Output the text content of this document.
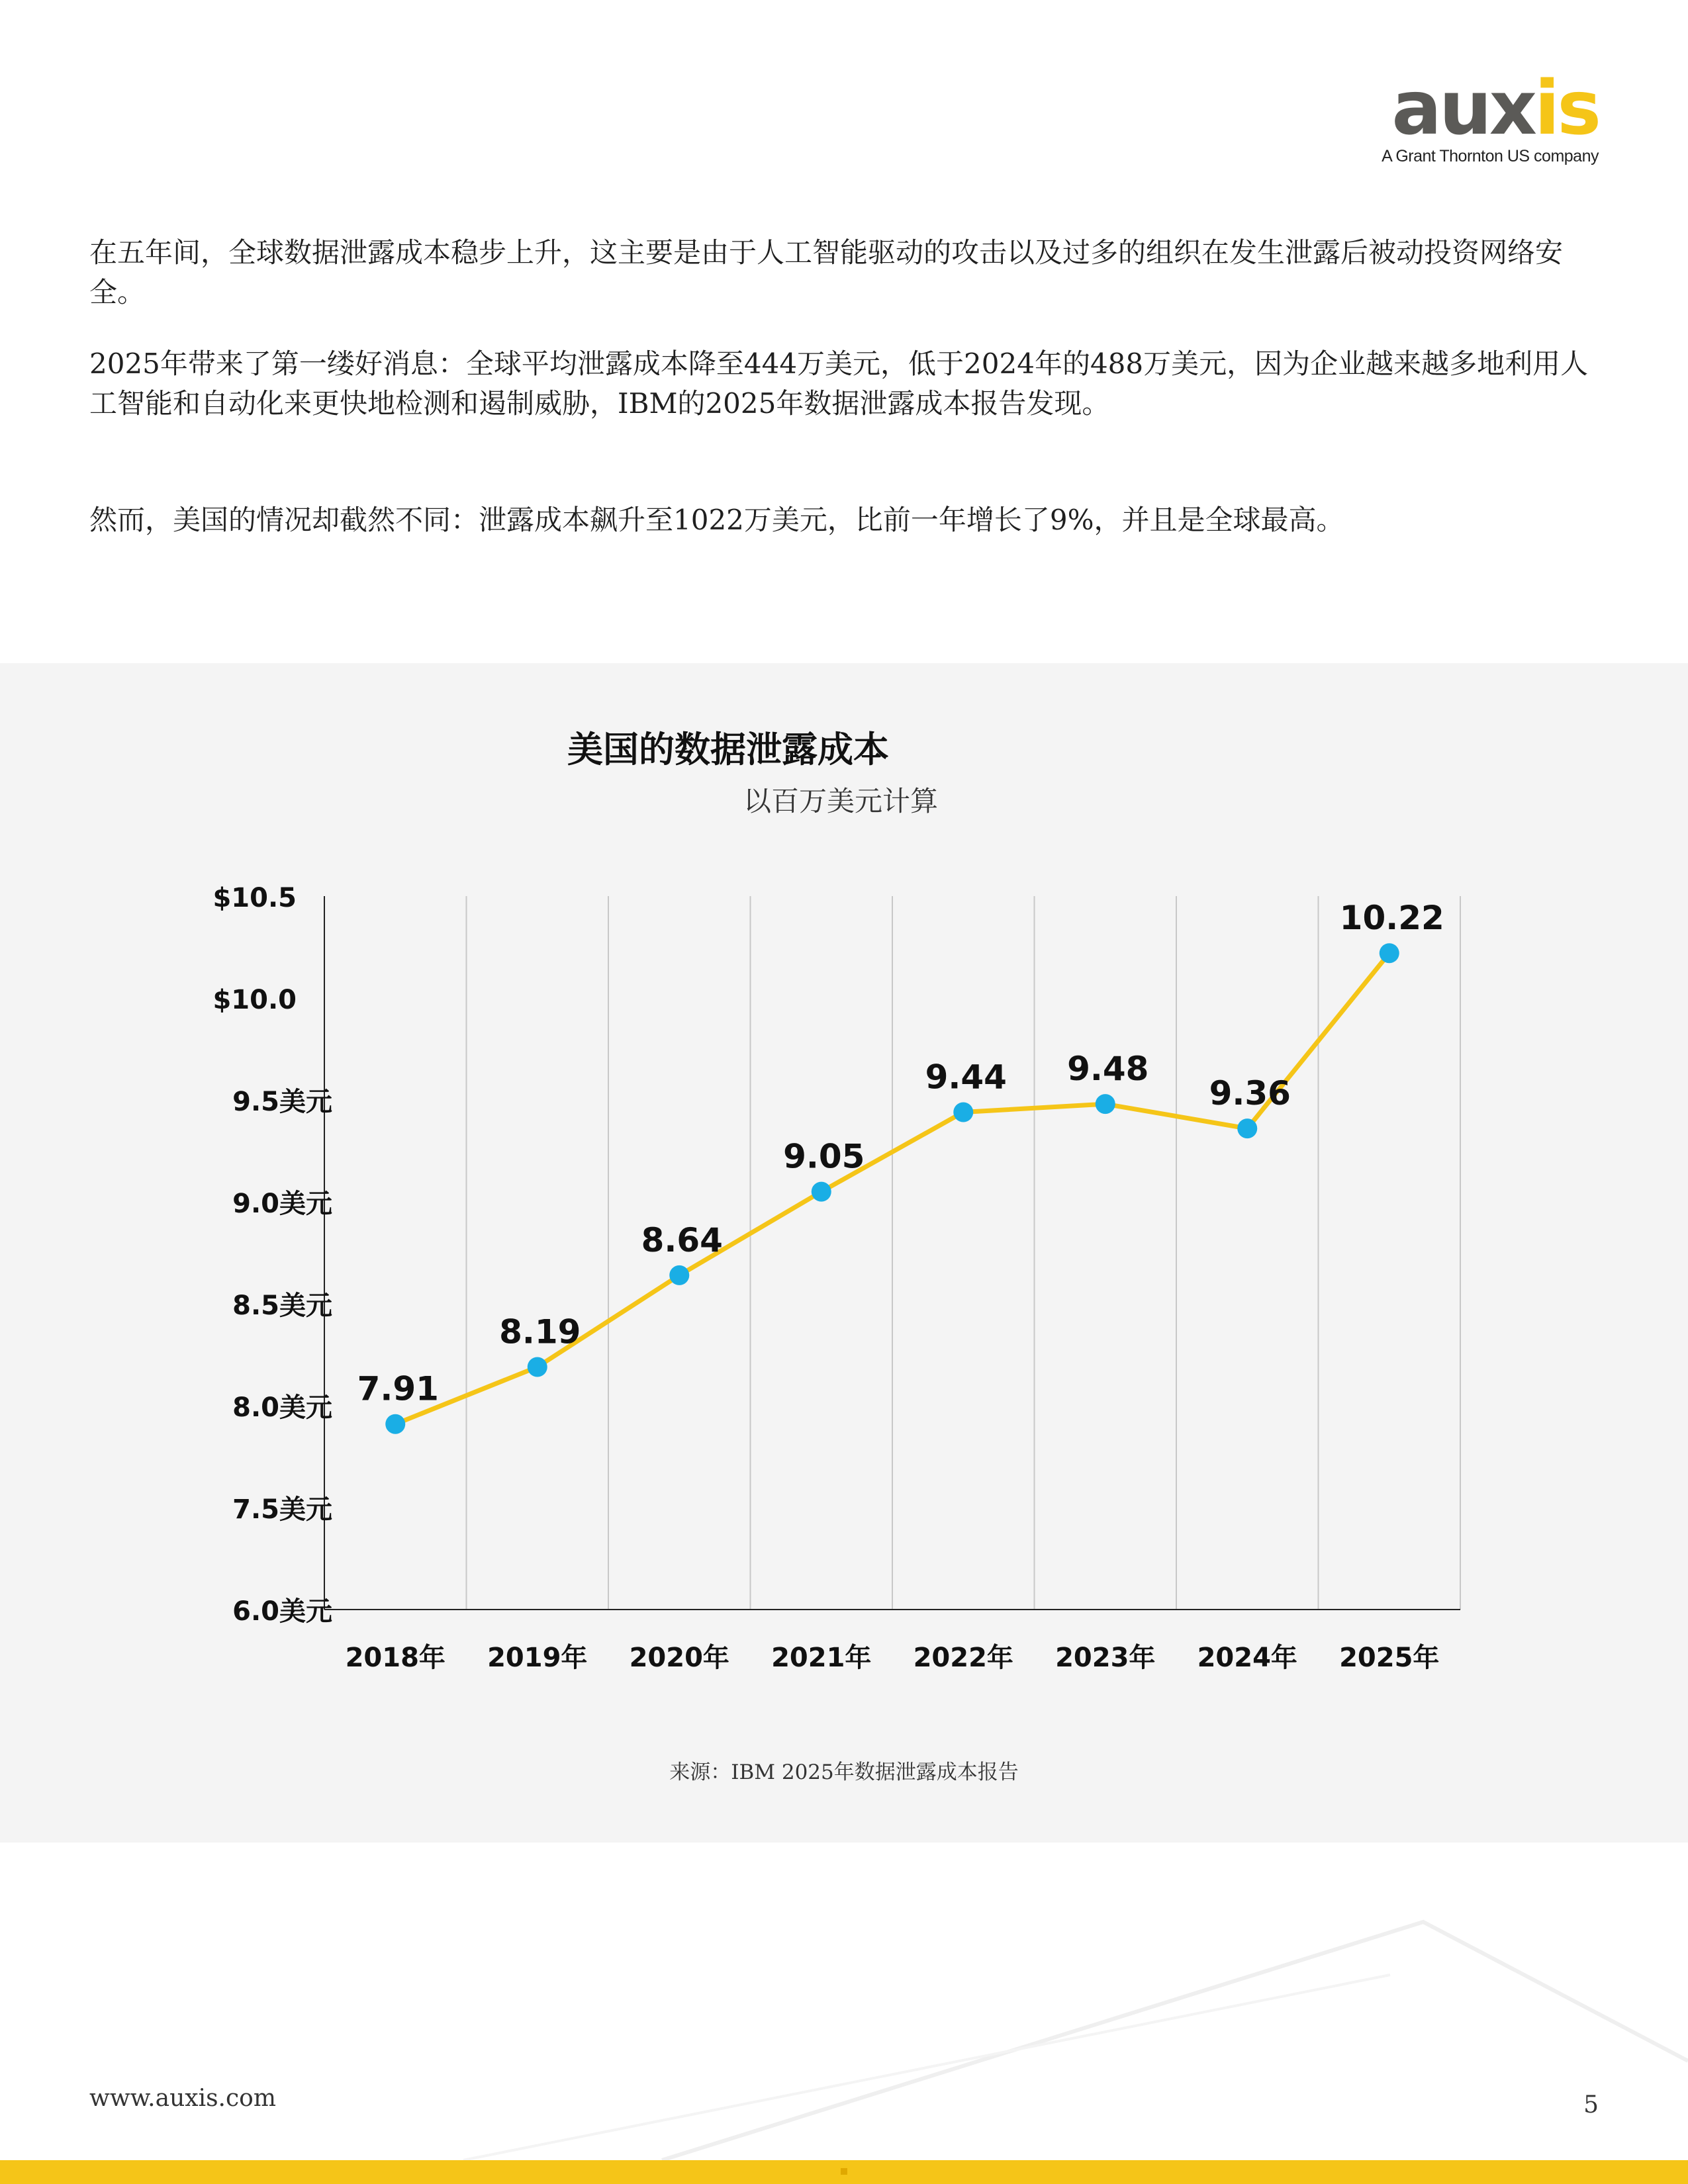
auxis
A Grant Thornton US company

在五年间，全球数据泄露成本稳步上升，这主要是由于人工智能驱动的攻击以及过多的组织在发生泄露后被动投资网络安全。

2025年带来了第一缕好消息：全球平均泄露成本降至444万美元，低于2024年的488万美元，因为企业越来越多地利用人工智能和自动化来更快地检测和遏制威胁，IBM的2025年数据泄露成本报告发现。

然而，美国的情况却截然不同：泄露成本飙升至1022万美元，比前一年增长了9%，并且是全球最高。

美国的数据泄露成本
以百万美元计算
$10.5
$10.0
9.5美元
9.0美元
8.5美元
8.0美元
7.5美元
6.0美元
2018年 2019年 2020年 2021年 2022年 2023年 2024年 2025年
7.91
8.19
8.64
9.05
9.44 9.48
9.36
10.22
来源：IBM 2025年数据泄露成本报告
www.auxis.com	5
